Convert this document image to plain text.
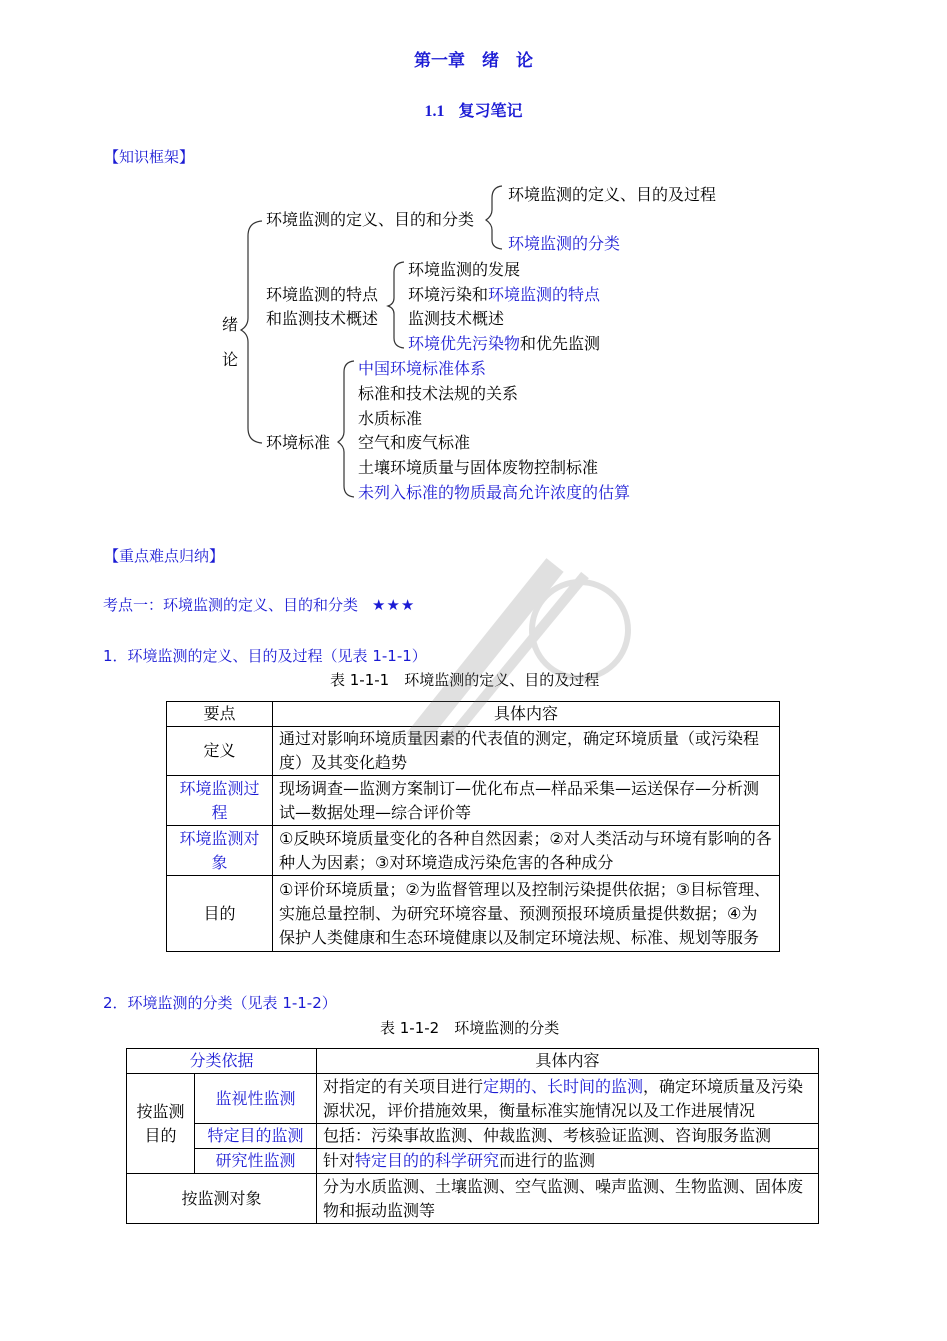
第一章　绪　论
1.1 复习笔记
【知识框架】
绪
论
环境监测的定义、目的和分类
环境监测的特点
和监测技术概述
环境标准
环境监测的定义、目的及过程
环境监测的分类
环境监测的发展
环境污染和环境监测的特点
监测技术概述
环境优先污染物和优先监测
中国环境标准体系
标准和技术法规的关系
水质标准
空气和废气标准
土壤环境质量与固体废物控制标准
未列入标准的物质最高允许浓度的估算
【重点难点归纳】
考点一：环境监测的定义、目的和分类 ★★★
1．环境监测的定义、目的及过程（见表 1-1-1）
表 1-1-1　环境监测的定义、目的及过程
要点	具体内容
定义	通过对影响环境质量因素的代表值的测定，确定环境质量（或污染程度）及其变化趋势
环境监测过程	现场调查—监测方案制订—优化布点—样品采集—运送保存—分析测试—数据处理—综合评价等
环境监测对象	①反映环境质量变化的各种自然因素；②对人类活动与环境有影响的各种人为因素；③对环境造成污染危害的各种成分
目的	①评价环境质量；②为监督管理以及控制污染提供依据；③目标管理、实施总量控制、为研究环境容量、预测预报环境质量提供数据；④为保护人类健康和生态环境健康以及制定环境法规、标准、规划等服务
2．环境监测的分类（见表 1-1-2）
表 1-1-2　环境监测的分类
分类依据		具体内容
按监测目的	监视性监测	对指定的有关项目进行定期的、长时间的监测，确定环境质量及污染源状况，评价措施效果，衡量标准实施情况以及工作进展情况
	特定目的监测	包括：污染事故监测、仲裁监测、考核验证监测、咨询服务监测
	研究性监测	针对特定目的的科学研究而进行的监测
按监测对象		分为水质监测、土壤监测、空气监测、噪声监测、生物监测、固体废物和振动监测等
